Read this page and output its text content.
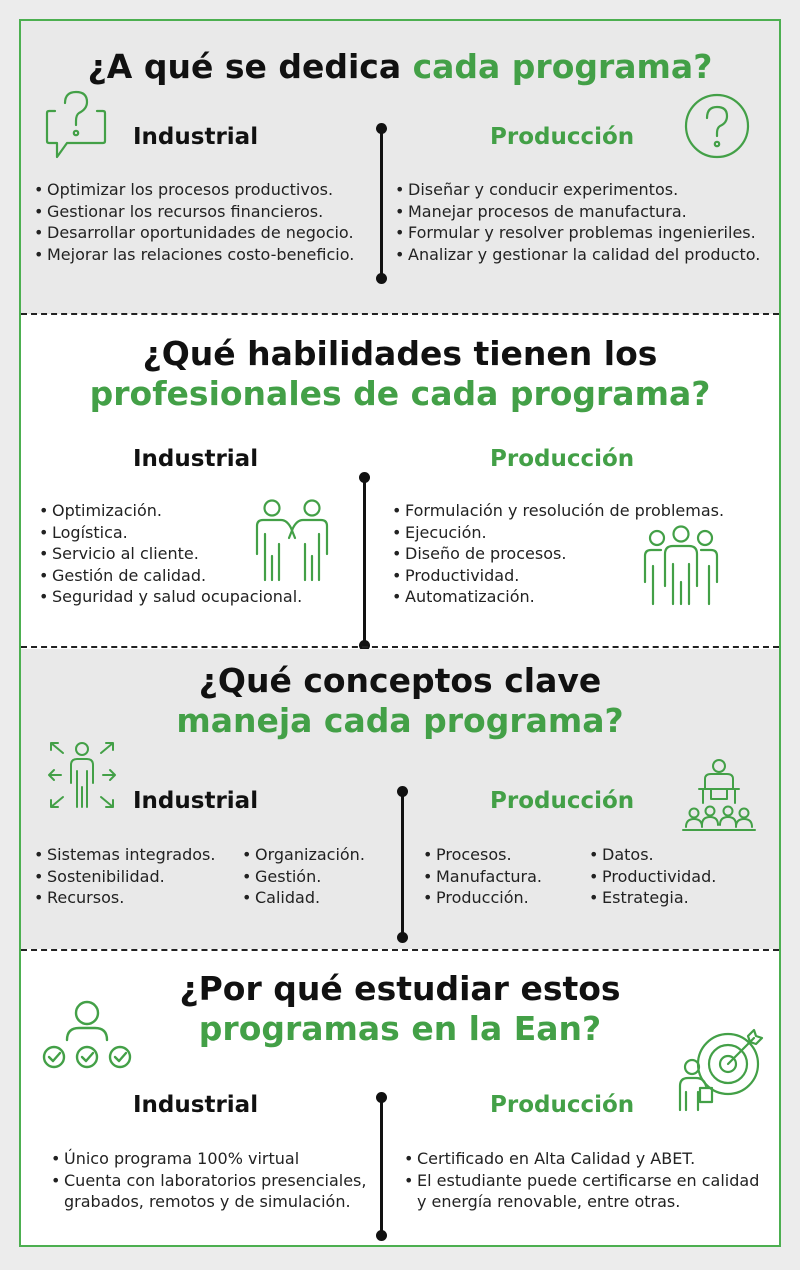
¿A qué se dedica cada programa?
Industrial	Producción
• Optimizar los procesos productivos.
• Gestionar los recursos financieros.
• Desarrollar oportunidades de negocio.
• Mejorar las relaciones costo-beneficio.
• Diseñar y conducir experimentos.
• Manejar procesos de manufactura.
• Formular y resolver problemas ingenieriles.
• Analizar y gestionar la calidad del producto.
¿Qué habilidades tienen los
profesionales de cada programa?
Industrial	Producción
• Optimización.
• Logística.
• Servicio al cliente.
• Gestión de calidad.
• Seguridad y salud ocupacional.
• Formulación y resolución de problemas.
• Ejecución.
• Diseño de procesos.
• Productividad.
• Automatización.
¿Qué conceptos clave
maneja cada programa?
Industrial	Producción
• Sistemas integrados.
• Sostenibilidad.
• Recursos.
• Organización.
• Gestión.
• Calidad.
• Procesos.
• Manufactura.
• Producción.
• Datos.
• Productividad.
• Estrategia.
¿Por qué estudiar estos
programas en la Ean?
Industrial	Producción
• Único programa 100% virtual
• Cuenta con laboratorios presenciales,
grabados, remotos y de simulación.
• Certificado en Alta Calidad y ABET.
• El estudiante puede certificarse en calidad
y energía renovable, entre otras.
